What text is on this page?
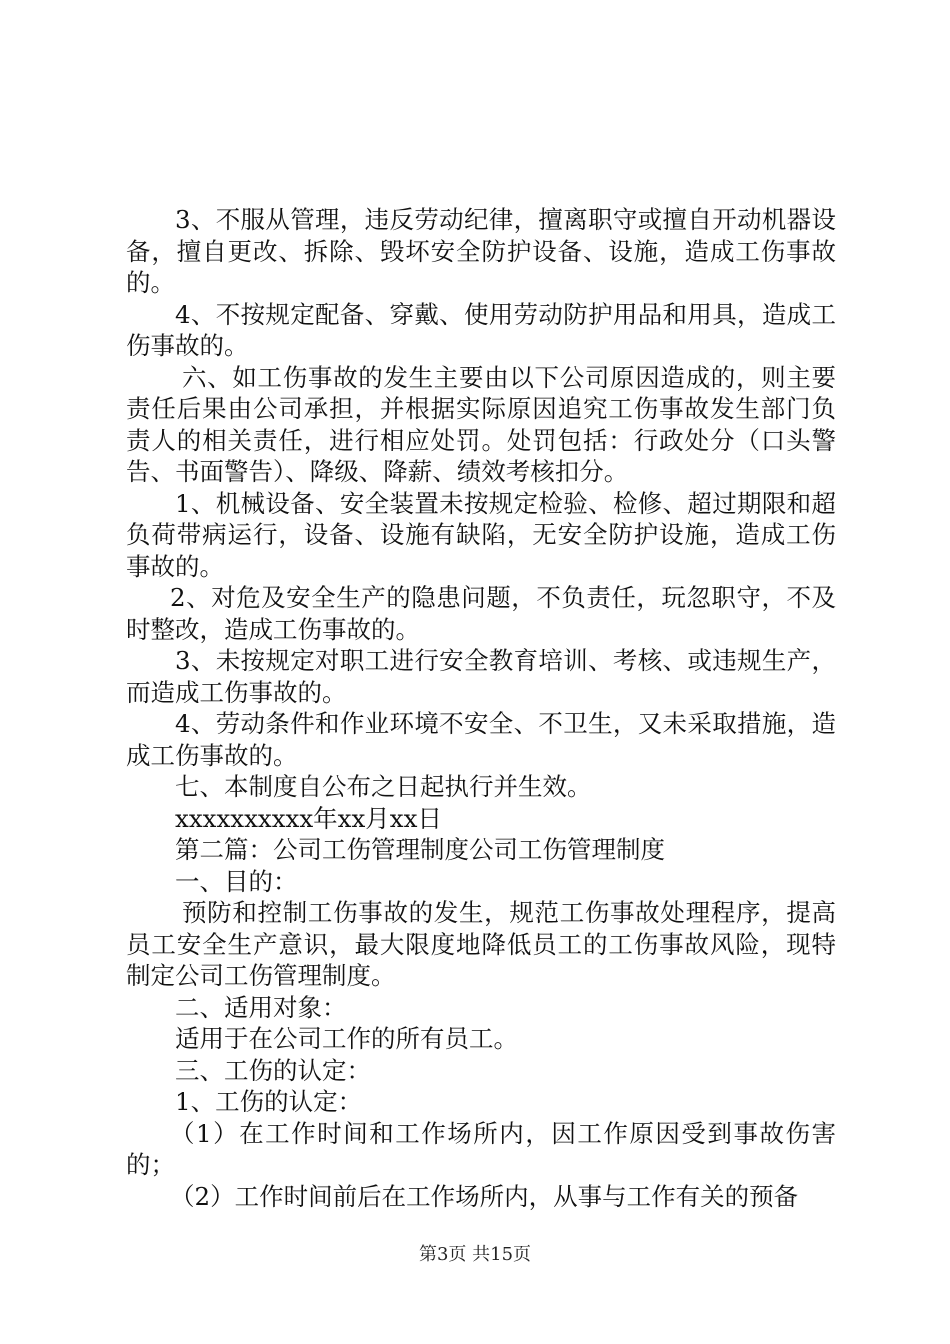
3、不服从管理，违反劳动纪律，擅离职守或擅自开动机器设备，擅自更改、拆除、毁坏安全防护设备、设施，造成工伤事故的。

4、不按规定配备、穿戴、使用劳动防护用品和用具，造成工伤事故的。

六、如工伤事故的发生主要由以下公司原因造成的，则主要责任后果由公司承担，并根据实际原因追究工伤事故发生部门负责人的相关责任，进行相应处罚。处罚包括：行政处分（口头警告、书面警告）、降级、降薪、绩效考核扣分。

1、机械设备、安全装置未按规定检验、检修、超过期限和超负荷带病运行，设备、设施有缺陷，无安全防护设施，造成工伤事故的。

2、对危及安全生产的隐患问题，不负责任，玩忽职守，不及时整改，造成工伤事故的。

3、未按规定对职工进行安全教育培训、考核、或违规生产，而造成工伤事故的。

4、劳动条件和作业环境不安全、不卫生，又未采取措施，造成工伤事故的。

七、本制度自公布之日起执行并生效。

xxxxxxxxxx年xx月xx日

第二篇：公司工伤管理制度公司工伤管理制度

一、目的：

预防和控制工伤事故的发生，规范工伤事故处理程序，提高员工安全生产意识，最大限度地降低员工的工伤事故风险，现特制定公司工伤管理制度。

二、适用对象：

适用于在公司工作的所有员工。

三、工伤的认定：

1、工伤的认定：

（1）在工作时间和工作场所内，因工作原因受到事故伤害的；

（2）工作时间前后在工作场所内，从事与工作有关的预备

第3页 共15页
